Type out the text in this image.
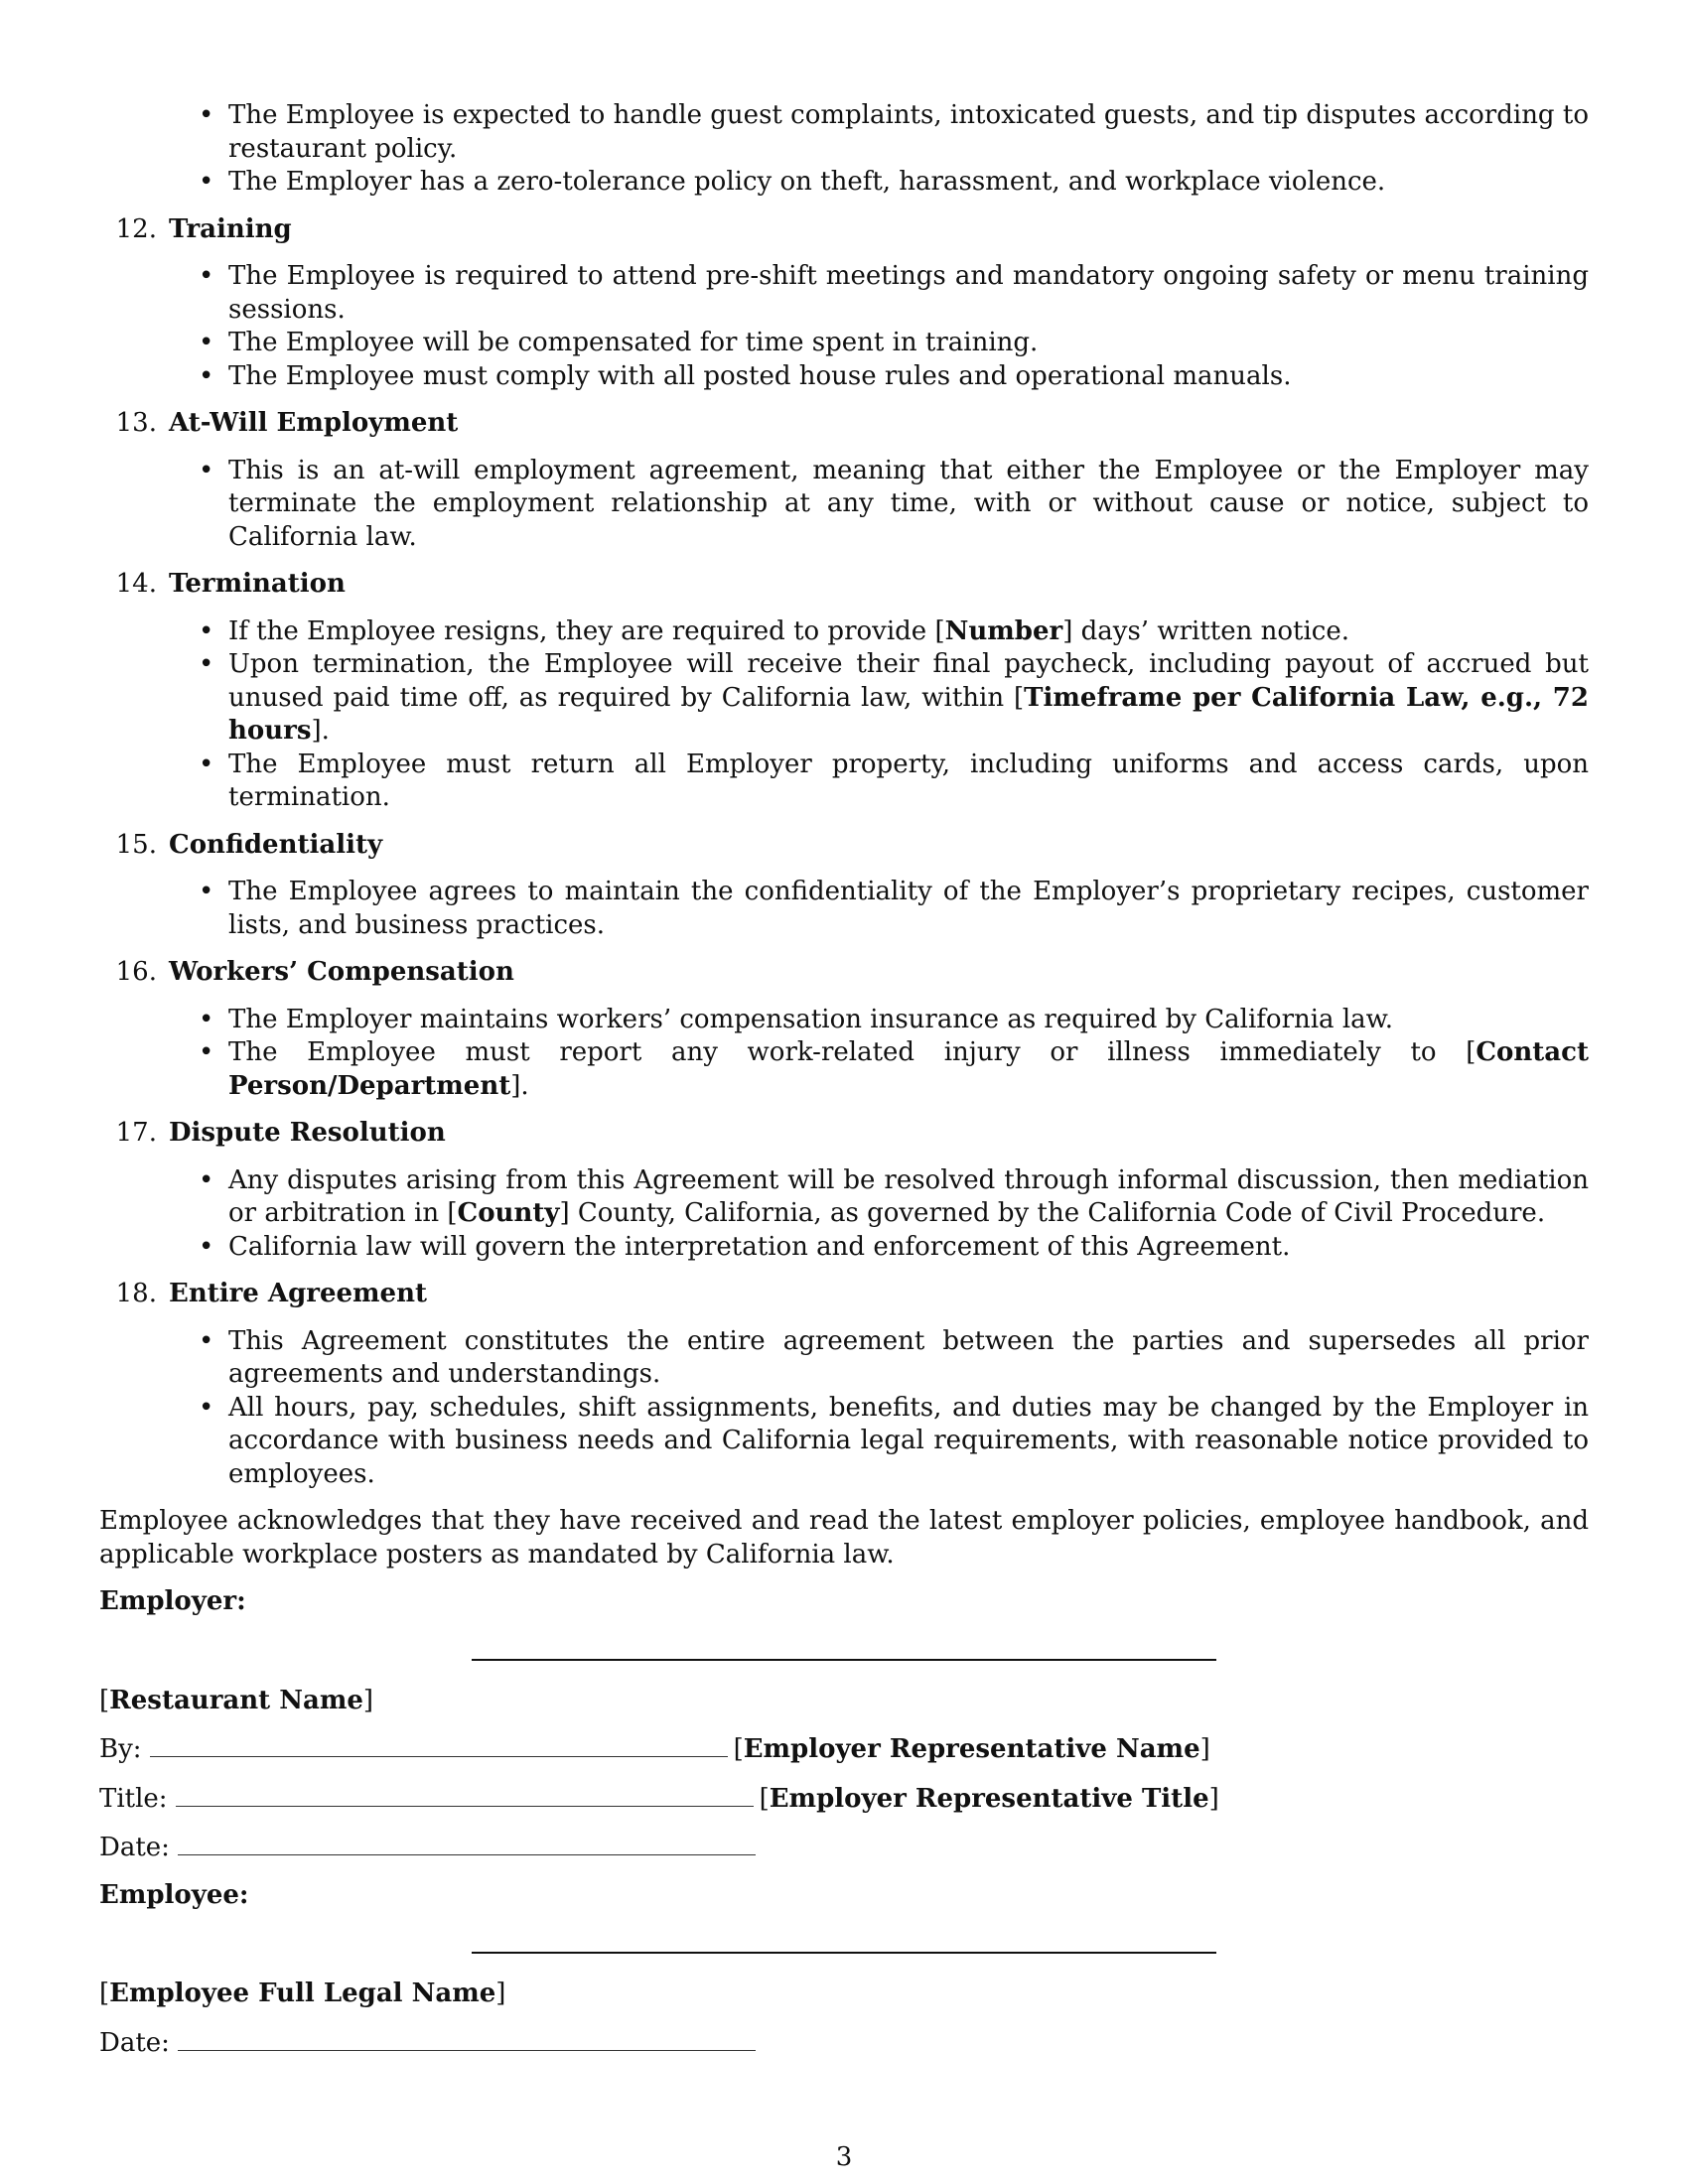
• The Employee is expected to handle guest complaints, intoxicated guests, and tip disputes according to restaurant policy.
• The Employer has a zero-tolerance policy on theft, harassment, and workplace violence.
12. Training
• The Employee is required to attend pre-shift meetings and mandatory ongoing safety or menu training sessions.
• The Employee will be compensated for time spent in training.
• The Employee must comply with all posted house rules and operational manuals.
13. At-Will Employment
• This is an at-will employment agreement, meaning that either the Employee or the Employer may terminate the employment relationship at any time, with or without cause or notice, subject to California law.
14. Termination
• If the Employee resigns, they are required to provide [Number] days’ written notice.
• Upon termination, the Employee will receive their final paycheck, including payout of accrued but unused paid time off, as required by California law, within [Timeframe per California Law, e.g., 72 hours].
• The Employee must return all Employer property, including uniforms and access cards, upon termination.
15. Confidentiality
• The Employee agrees to maintain the confidentiality of the Employer’s proprietary recipes, customer lists, and business practices.
16. Workers’ Compensation
• The Employer maintains workers’ compensation insurance as required by California law.
• The Employee must report any work-related injury or illness immediately to [Contact Person/Department].
17. Dispute Resolution
• Any disputes arising from this Agreement will be resolved through informal discussion, then mediation or arbitration in [County] County, California, as governed by the California Code of Civil Procedure.
• California law will govern the interpretation and enforcement of this Agreement.
18. Entire Agreement
• This Agreement constitutes the entire agreement between the parties and supersedes all prior agreements and understandings.
• All hours, pay, schedules, shift assignments, benefits, and duties may be changed by the Employer in accordance with business needs and California legal requirements, with reasonable notice provided to employees.
Employee acknowledges that they have received and read the latest employer policies, employee handbook, and applicable workplace posters as mandated by California law.
Employer:
[Restaurant Name]
By:	[Employer Representative Name]
Title:	[Employer Representative Title]
Date:
Employee:
[Employee Full Legal Name]
Date:
3
